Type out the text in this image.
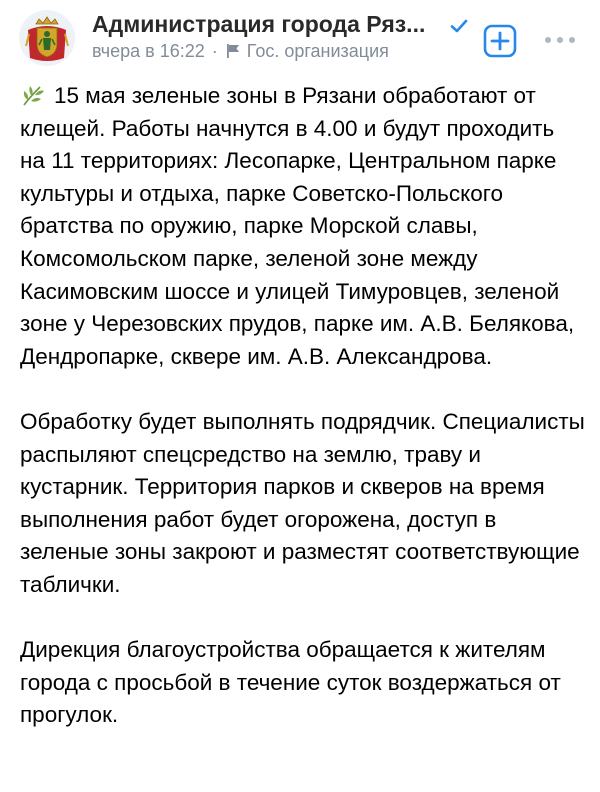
Администрация города Ряз...
вчера в 16:22 · Гос. организация

15 мая зеленые зоны в Рязани обработают от клещей. Работы начнутся в 4.00 и будут проходить на 11 территориях: Лесопарке, Центральном парке культуры и отдыха, парке Советско-Польского братства по оружию, парке Морской славы, Комсомольском парке, зеленой зоне между Касимовским шоссе и улицей Тимуровцев, зеленой зоне у Черезовских прудов, парке им. А.В. Белякова, Дендропарке, сквере им. А.В. Александрова.

Обработку будет выполнять подрядчик. Специалисты распыляют спецсредство на землю, траву и кустарник. Территория парков и скверов на время выполнения работ будет огорожена, доступ в зеленые зоны закроют и разместят соответствующие таблички.

Дирекция благоустройства обращается к жителям города с просьбой в течение суток воздержаться от прогулок.
